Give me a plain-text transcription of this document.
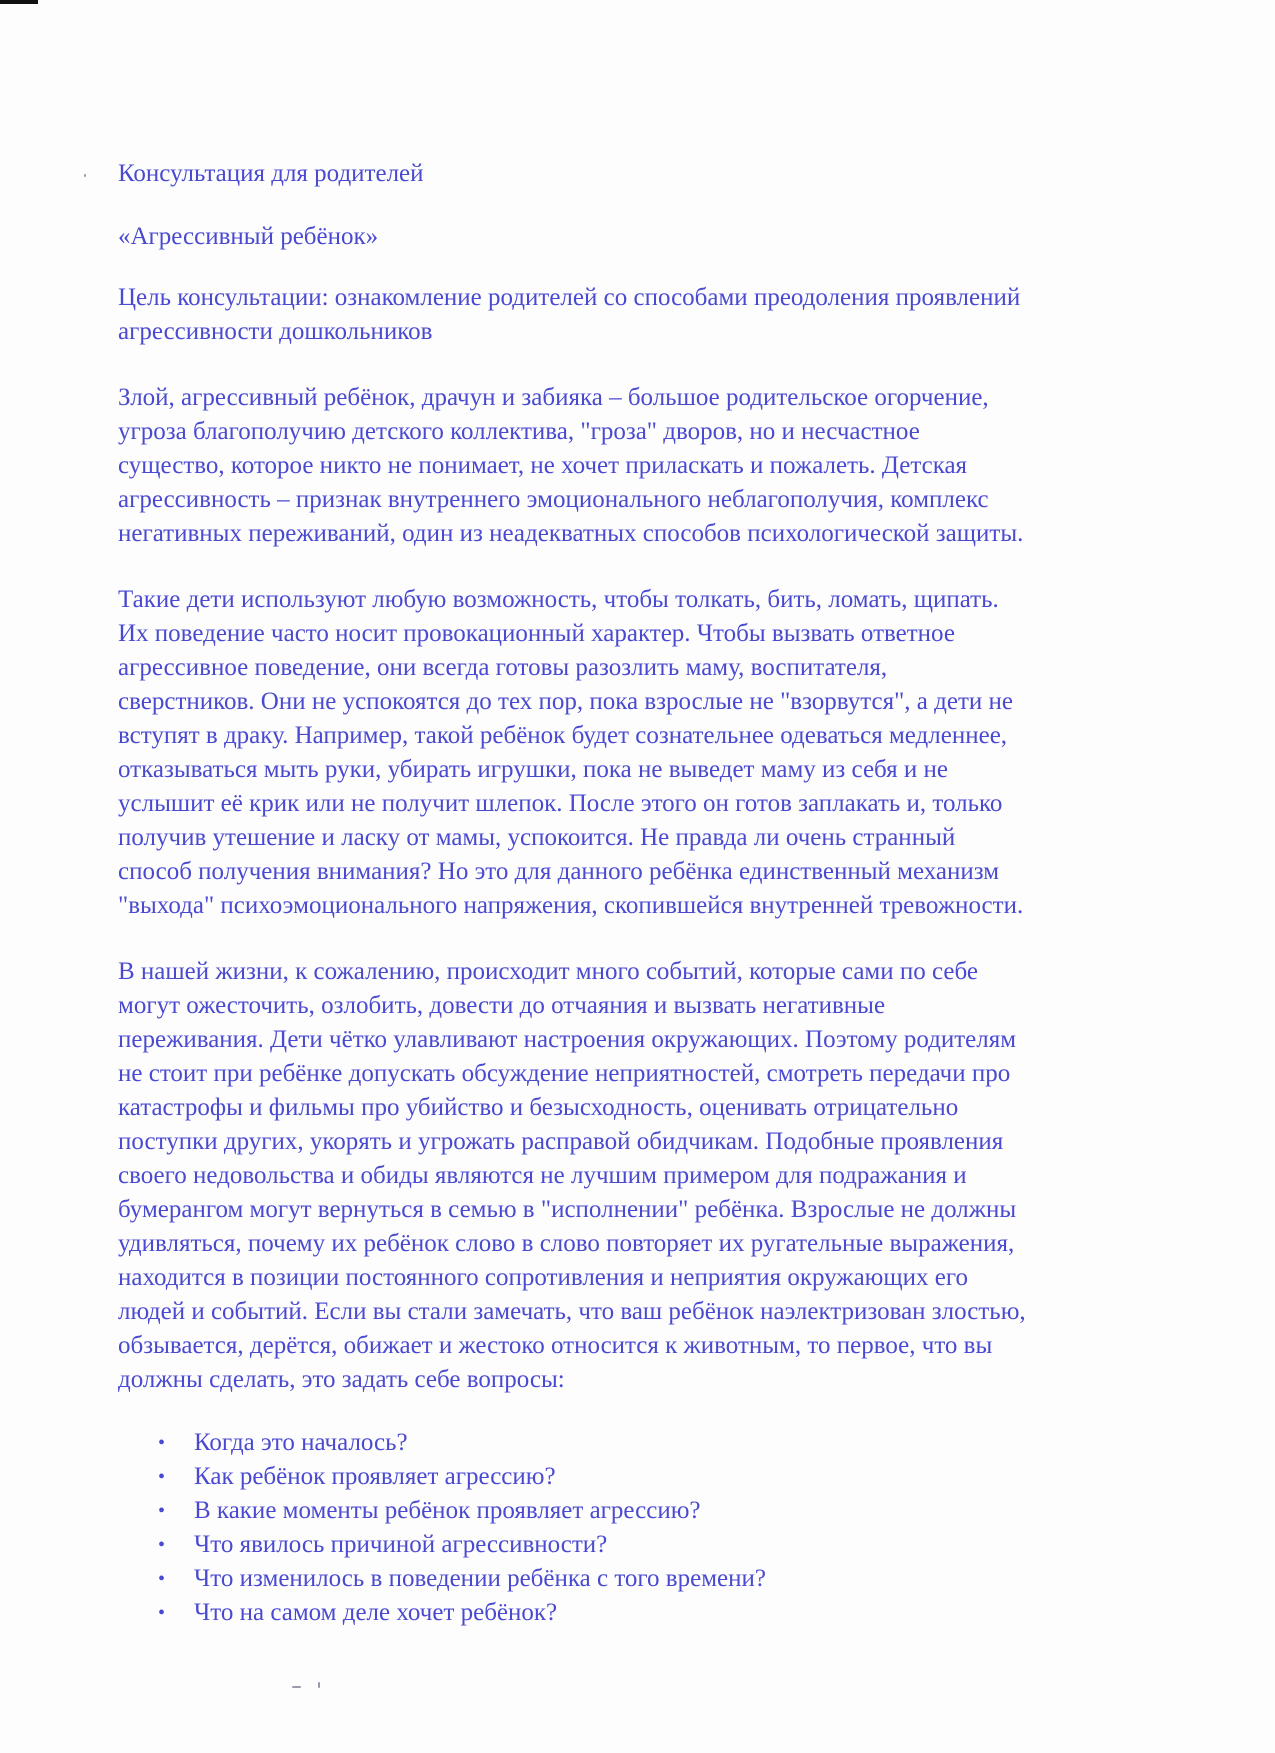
Консультация для родителей

«Агрессивный ребёнок»

Цель консультации: ознакомление родителей со способами преодоления проявлений
агрессивности дошкольников

Злой, агрессивный ребёнок, драчун и забияка – большое родительское огорчение,
угроза благополучию детского коллектива, "гроза" дворов, но и несчастное
существо, которое никто не понимает, не хочет приласкать и пожалеть. Детская
агрессивность – признак внутреннего эмоционального неблагополучия, комплекс
негативных переживаний, один из неадекватных способов психологической защиты.

Такие дети используют любую возможность, чтобы толкать, бить, ломать, щипать.
Их поведение часто носит провокационный характер. Чтобы вызвать ответное
агрессивное поведение, они всегда готовы разозлить маму, воспитателя,
сверстников. Они не успокоятся до тех пор, пока взрослые не "взорвутся", а дети не
вступят в драку. Например, такой ребёнок будет сознательнее одеваться медленнее,
отказываться мыть руки, убирать игрушки, пока не выведет маму из себя и не
услышит её крик или не получит шлепок. После этого он готов заплакать и, только
получив утешение и ласку от мамы, успокоится. Не правда ли очень странный
способ получения внимания? Но это для данного ребёнка единственный механизм
"выхода" психоэмоционального напряжения, скопившейся внутренней тревожности.

В нашей жизни, к сожалению, происходит много событий, которые сами по себе
могут ожесточить, озлобить, довести до отчаяния и вызвать негативные
переживания. Дети чётко улавливают настроения окружающих. Поэтому родителям
не стоит при ребёнке допускать обсуждение неприятностей, смотреть передачи про
катастрофы и фильмы про убийство и безысходность, оценивать отрицательно
поступки других, укорять и угрожать расправой обидчикам. Подобные проявления
своего недовольства и обиды являются не лучшим примером для подражания и
бумерангом могут вернуться в семью в "исполнении" ребёнка. Взрослые не должны
удивляться, почему их ребёнок слово в слово повторяет их ругательные выражения,
находится в позиции постоянного сопротивления и неприятия окружающих его
людей и событий. Если вы стали замечать, что ваш ребёнок наэлектризован злостью,
обзывается, дерётся, обижает и жестоко относится к животным, то первое, что вы
должны сделать, это задать себе вопросы:

• Когда это началось?
• Как ребёнок проявляет агрессию?
• В какие моменты ребёнок проявляет агрессию?
• Что явилось причиной агрессивности?
• Что изменилось в поведении ребёнка с того времени?
• Что на самом деле хочет ребёнок?
